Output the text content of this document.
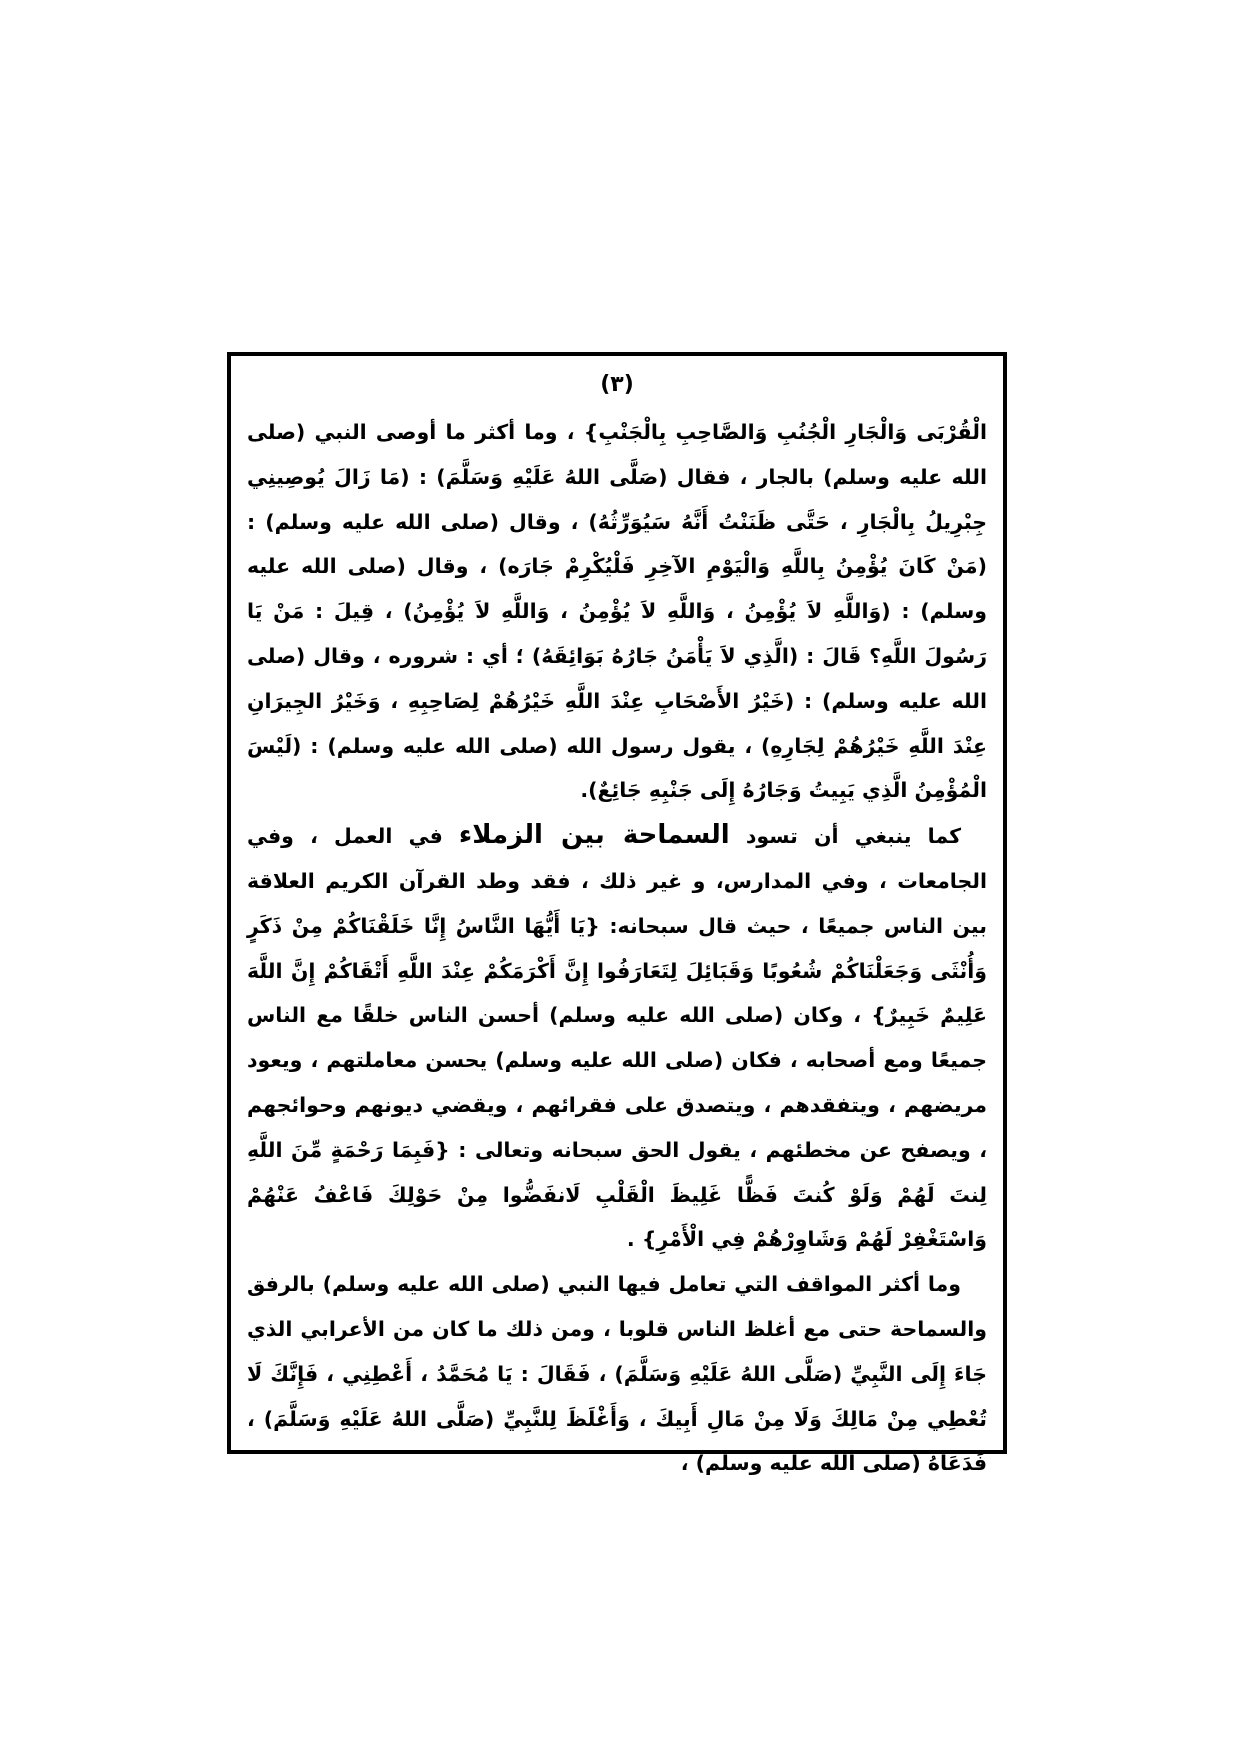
(٣)

الْقُرْبَى وَالْجَارِ الْجُنُبِ وَالصَّاحِبِ بِالْجَنْبِ} ، وما أكثر ما أوصى النبي (صلى الله عليه وسلم) بالجار ، فقال (صَلَّى اللهُ عَلَيْهِ وَسَلَّمَ) : (مَا زَالَ يُوصِينِي جِبْرِيلُ بِالْجَارِ ، حَتَّى ظَنَنْتُ أَنَّهُ سَيُوَرِّثُهُ) ، وقال (صلى الله عليه وسلم) : (مَنْ كَانَ يُؤْمِنُ بِاللَّهِ وَالْيَوْمِ الآخِرِ فَلْيُكْرِمْ جَارَه) ، وقال (صلى الله عليه وسلم) : (وَاللَّهِ لاَ يُؤْمِنُ ، وَاللَّهِ لاَ يُؤْمِنُ ، وَاللَّهِ لاَ يُؤْمِنُ) ، قِيلَ : مَنْ يَا رَسُولَ اللَّهِ؟ قَالَ : (الَّذِي لاَ يَأْمَنُ جَارُهُ بَوَائِقَهُ) ؛ أي : شروره ، وقال (صلى الله عليه وسلم) : (خَيْرُ الأَصْحَابِ عِنْدَ اللَّهِ خَيْرُهُمْ لِصَاحِبِهِ ، وَخَيْرُ الجِيرَانِ عِنْدَ اللَّهِ خَيْرُهُمْ لِجَارِهِ) ، يقول رسول الله (صلى الله عليه وسلم) : (لَيْسَ الْمُؤْمِنُ الَّذِي يَبِيتُ وَجَارُهُ إِلَى جَنْبِهِ جَائِعٌ).

كما ينبغي أن تسود السماحة بين الزملاء في العمل ، وفي الجامعات ، وفي المدارس، و غير ذلك ، فقد وطد القرآن الكريم العلاقة بين الناس جميعًا ، حيث قال سبحانه: {يَا أَيُّهَا النَّاسُ إِنَّا خَلَقْنَاكُمْ مِنْ ذَكَرٍ وَأُنْثَى وَجَعَلْنَاكُمْ شُعُوبًا وَقَبَائِلَ لِتَعَارَفُوا إِنَّ أَكْرَمَكُمْ عِنْدَ اللَّهِ أَتْقَاكُمْ إِنَّ اللَّهَ عَلِيمٌ خَبِيرٌ} ، وكان (صلى الله عليه وسلم) أحسن الناس خلقًا مع الناس جميعًا ومع أصحابه ، فكان (صلى الله عليه وسلم) يحسن معاملتهم ، ويعود مريضهم ، ويتفقدهم ، ويتصدق على فقرائهم ، ويقضي ديونهم وحوائجهم ، ويصفح عن مخطئهم ، يقول الحق سبحانه وتعالى : {فَبِمَا رَحْمَةٍ مِّنَ اللَّهِ لِنتَ لَهُمْ وَلَوْ كُنتَ فَظًّا غَلِيظَ الْقَلْبِ لَانفَضُّوا مِنْ حَوْلِكَ فَاعْفُ عَنْهُمْ وَاسْتَغْفِرْ لَهُمْ وَشَاوِرْهُمْ فِي الْأَمْرِ} .

وما أكثر المواقف التي تعامل فيها النبي (صلى الله عليه وسلم) بالرفق والسماحة حتى مع أغلظ الناس قلوبا ، ومن ذلك ما كان من الأعرابي الذي جَاءَ إِلَى النَّبِيِّ (صَلَّى اللهُ عَلَيْهِ وَسَلَّمَ) ، فَقَالَ : يَا مُحَمَّدُ ، أَعْطِنِي ، فَإِنَّكَ لَا تُعْطِي مِنْ مَالِكَ وَلَا مِنْ مَالِ أَبِيكَ ، وَأَغْلَظَ لِلنَّبِيِّ (صَلَّى اللهُ عَلَيْهِ وَسَلَّمَ) ، فَدَعَاهُ (صلى الله عليه وسلم) ،
